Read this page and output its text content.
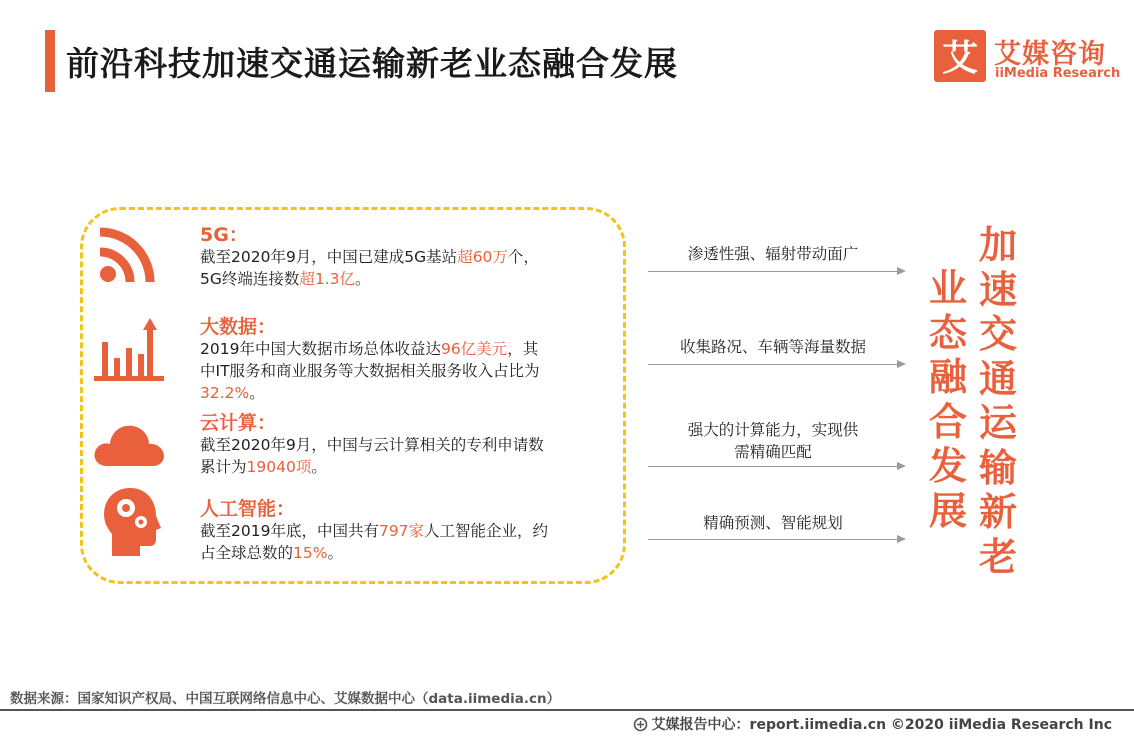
前沿科技加速交通运输新老业态融合发展	艾 艾媒咨询
iiMedia Research
5G：
截至2020年9月，中国已建成5G基站超60万个，
5G终端连接数超1.3亿。
大数据：
2019年中国大数据市场总体收益达96亿美元，其
中IT服务和商业服务等大数据相关服务收入占比为
32.2%。
云计算：
截至2020年9月，中国与云计算相关的专利申请数
累计为19040项。
人工智能：
截至2019年底，中国共有797家人工智能企业，约
占全球总数的15%。
渗透性强、辐射带动面广
收集路况、车辆等海量数据
强大的计算能力，实现供
需精确匹配
精确预测、智能规划
加速交通运输新老
业态融合发展
数据来源：国家知识产权局、中国互联网络信息中心、艾媒数据中心（data.iimedia.cn）
艾媒报告中心：report.iimedia.cn ©2020 iiMedia Research Inc
